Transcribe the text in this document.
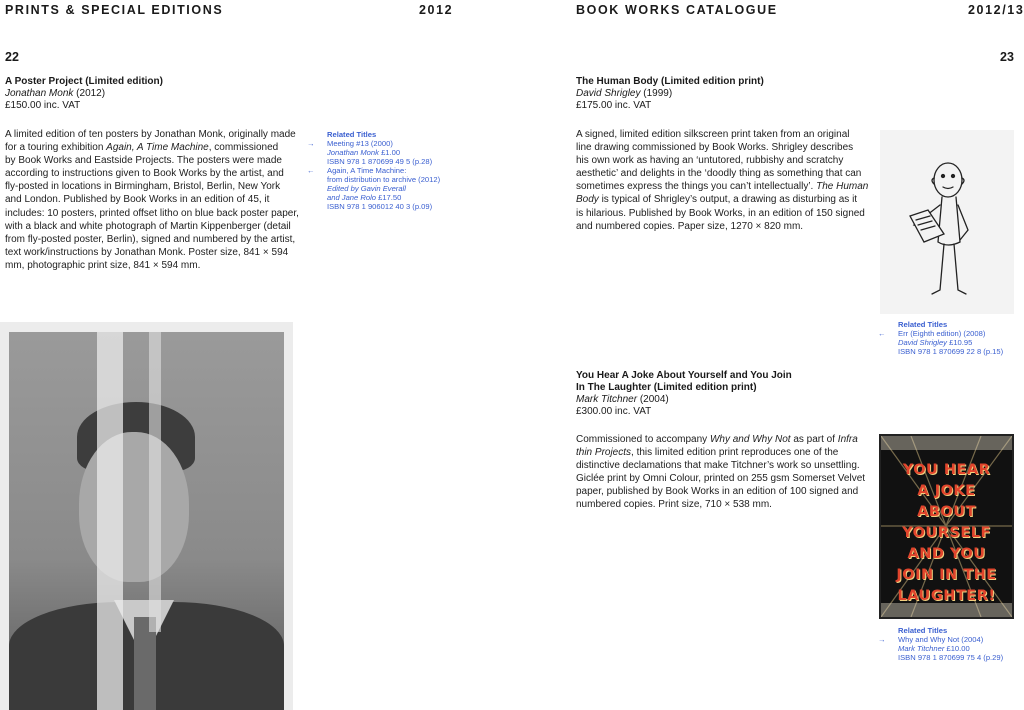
PRINTS & SPECIAL EDITIONS	2012	BOOK WORKS CATALOGUE	2012/13
22	23
A Poster Project (Limited edition)
Jonathan Monk (2012)
£150.00 inc. VAT

A limited edition of ten posters by Jonathan Monk, originally made

for a touring exhibition Again, A Time Machine, commissioned

by Book Works and Eastside Projects. The posters were made

according to instructions given to Book Works by the artist, and

fly-posted in locations in Birmingham, Bristol, Berlin, New York

and London. Published by Book Works in an edition of 45, it

includes: 10 posters, printed offset litho on blue back poster paper,

with a black and white photograph of Martin Kippenberger (detail

from fly-posted poster, Berlin), signed and numbered by the artist,

text work/instructions by Jonathan Monk. Poster size, 841 × 594

mm, photographic print size, 841 × 594 mm.

Related Titles
→ Meeting #13 (2000)
Jonathan Monk £1.00
ISBN 978 1 870699 49 5 (p.28)
← Again, A Time Machine:
from distribution to archive (2012)
Edited by Gavin Everall
and Jane Rolo £17.50
ISBN 978 1 906012 40 3 (p.09)
The Human Body (Limited edition print)
David Shrigley (1999)
£175.00 inc. VAT

A signed, limited edition silkscreen print taken from an original

line drawing commissioned by Book Works. Shrigley describes

his own work as having an ‘untutored, rubbishy and scratchy

aesthetic’ and delights in the ‘doodly thing as something that can

sometimes express the things you can’t intellectually’. The Human

Body is typical of Shrigley’s output, a drawing as disturbing as it

is hilarious. Published by Book Works, in an edition of 150 signed

and numbered copies. Paper size, 1270 × 820 mm.

Related Titles
← Err (Eighth edition) (2008)
David Shrigley £10.95
ISBN 978 1 870699 22 8 (p.15)
You Hear A Joke About Yourself and You Join
In The Laughter (Limited edition print)
Mark Titchner (2004)
£300.00 inc. VAT

Commissioned to accompany Why and Why Not as part of Infra

thin Projects, this limited edition print reproduces one of the

distinctive declamations that make Titchner’s work so unsettling.

Giclée print by Omni Colour, printed on 255 gsm Somerset Velvet

paper, published by Book Works in an edition of 100 signed and

numbered copies. Print size, 710 × 538 mm.

YOU HEAR
A JOKE
ABOUT
YOURSELF
AND YOU
JOIN IN THE
LAUGHTER!
Related Titles
→ Why and Why Not (2004)
Mark Titchner £10.00
ISBN 978 1 870699 75 4 (p.29)
